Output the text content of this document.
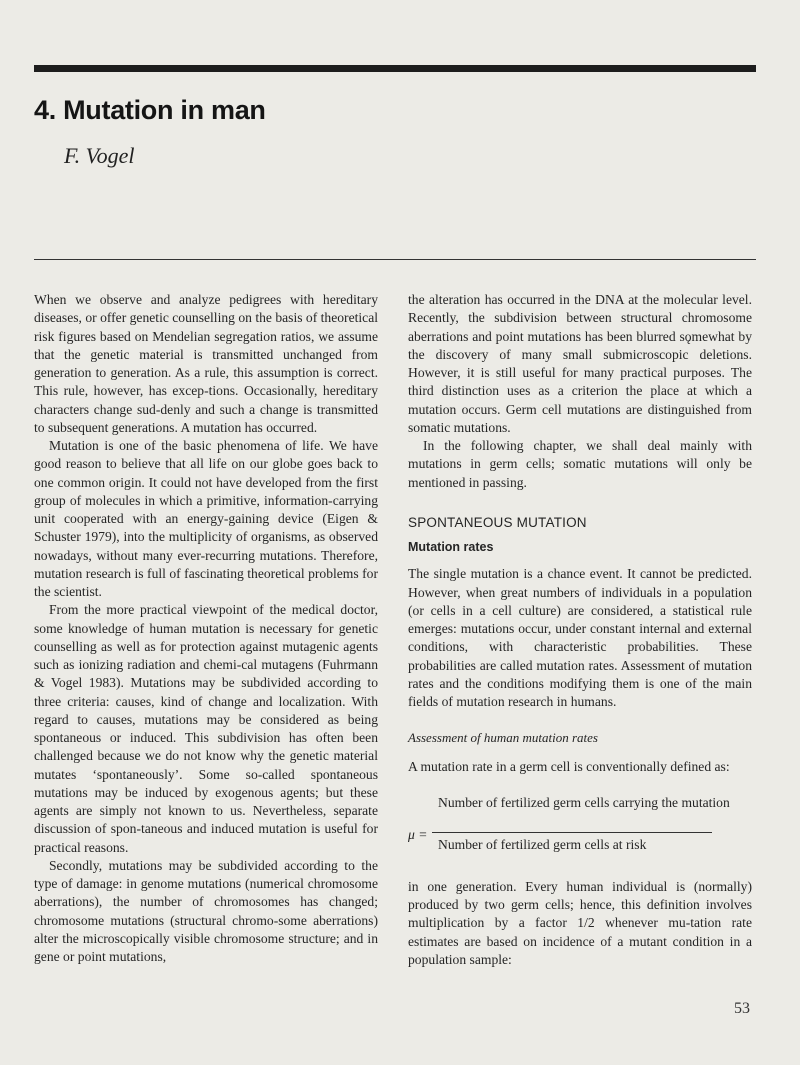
4. Mutation in man
F. Vogel

When we observe and analyze pedigrees with hereditary diseases, or offer genetic counselling on the basis of theoretical risk figures based on Mendelian segregation ratios, we assume that the genetic material is transmitted unchanged from generation to generation. As a rule, this assumption is correct. This rule, however, has excep-tions. Occasionally, hereditary characters change sud-denly and such a change is transmitted to subsequent generations. A mutation has occurred.

Mutation is one of the basic phenomena of life. We have good reason to believe that all life on our globe goes back to one common origin. It could not have developed from the first group of molecules in which a primitive, information-carrying unit cooperated with an energy-gaining device (Eigen & Schuster 1979), into the multiplicity of organisms, as observed nowadays, without many ever-recurring mutations. Therefore, mutation research is full of fascinating theoretical problems for the scientist.

From the more practical viewpoint of the medical doctor, some knowledge of human mutation is necessary for genetic counselling as well as for protection against mutagenic agents such as ionizing radiation and chemi-cal mutagens (Fuhrmann & Vogel 1983). Mutations may be subdivided according to three criteria: causes, kind of change and localization. With regard to causes, mutations may be considered as being spontaneous or induced. This subdivision has often been challenged because we do not know why the genetic material mutates ‘spontaneously’. Some so-called spontaneous mutations may be induced by exogenous agents; but these agents are simply not known to us. Nevertheless, separate discussion of spon-taneous and induced mutation is useful for practical reasons.

Secondly, mutations may be subdivided according to the type of damage: in genome mutations (numerical chromosome aberrations), the number of chromosomes has changed; chromosome mutations (structural chromo-some aberrations) alter the microscopically visible chromosome structure; and in gene or point mutations,

the alteration has occurred in the DNA at the molecular level. Recently, the subdivision between structural chromosome aberrations and point mutations has been blurred sǫmewhat by the discovery of many small submicroscopic deletions. However, it is still useful for many practical purposes. The third distinction uses as a criterion the place at which a mutation occurs. Germ cell mutations are distinguished from somatic mutations.

In the following chapter, we shall deal mainly with mutations in germ cells; somatic mutations will only be mentioned in passing.

SPONTANEOUS MUTATION
Mutation rates

The single mutation is a chance event. It cannot be predicted. However, when great numbers of individuals in a population (or cells in a cell culture) are considered, a statistical rule emerges: mutations occur, under constant internal and external conditions, with characteristic probabilities. These probabilities are called mutation rates. Assessment of mutation rates and the conditions modifying them is one of the main fields of mutation research in humans.

Assessment of human mutation rates

A mutation rate in a germ cell is conventionally defined as:

μ =
Number of fertilized germ cells carrying the mutation
Number of fertilized germ cells at risk

in one generation. Every human individual is (normally) produced by two germ cells; hence, this definition involves multiplication by a factor 1/2 whenever mu-tation rate estimates are based on incidence of a mutant condition in a population sample:

53
